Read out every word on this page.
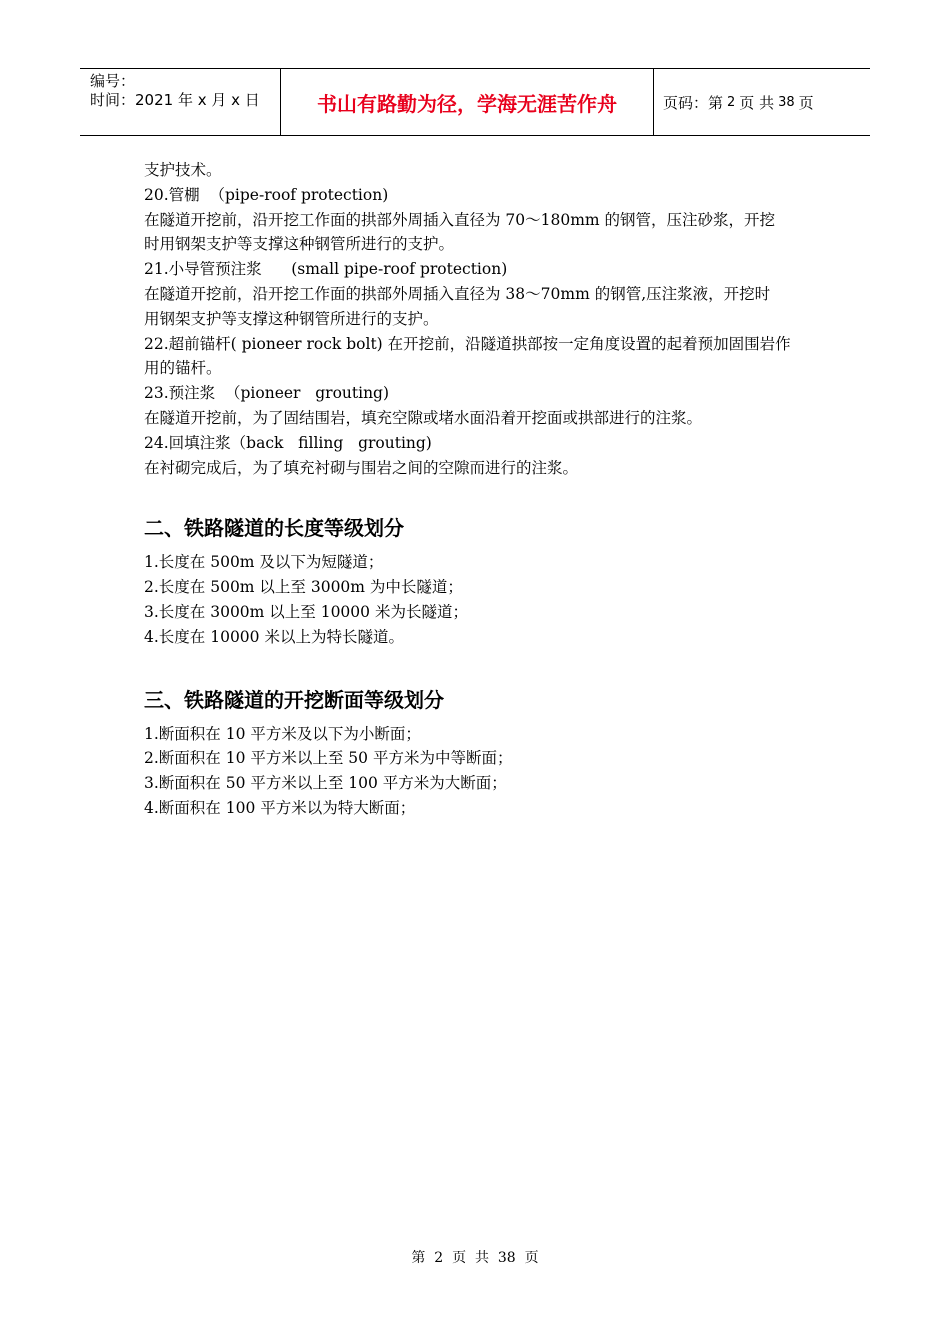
编号：
时间：2021 年 x 月 x 日	书山有路勤为径，学海无涯苦作舟	页码：第 2 页 共 38 页

支护技术。

20.管棚  （pipe-roof protection)

在隧道开挖前，沿开挖工作面的拱部外周插入直径为 70～180mm 的钢管，压注砂浆，开挖

时用钢架支护等支撑这种钢管所进行的支护。

21.小导管预注浆      (small pipe-roof protection)

在隧道开挖前，沿开挖工作面的拱部外周插入直径为 38～70mm 的钢管,压注浆液，开挖时

用钢架支护等支撑这种钢管所进行的支护。

22.超前锚杆( pioneer rock bolt) 在开挖前，沿隧道拱部按一定角度设置的起着预加固围岩作

用的锚杆。

23.预注浆  （pioneer   grouting)

在隧道开挖前，为了固结围岩，填充空隙或堵水面沿着开挖面或拱部进行的注浆。

24.回填注浆（back   filling   grouting)

在衬砌完成后，为了填充衬砌与围岩之间的空隙而进行的注浆。

二、铁路隧道的长度等级划分

1.长度在 500m 及以下为短隧道；

2.长度在 500m 以上至 3000m 为中长隧道；

3.长度在 3000m 以上至 10000 米为长隧道；

4.长度在 10000 米以上为特长隧道。

三、铁路隧道的开挖断面等级划分

1.断面积在 10 平方米及以下为小断面；

2.断面积在 10 平方米以上至 50 平方米为中等断面；

3.断面积在 50 平方米以上至 100 平方米为大断面；

4.断面积在 100 平方米以为特大断面；

第  2  页  共  38  页
